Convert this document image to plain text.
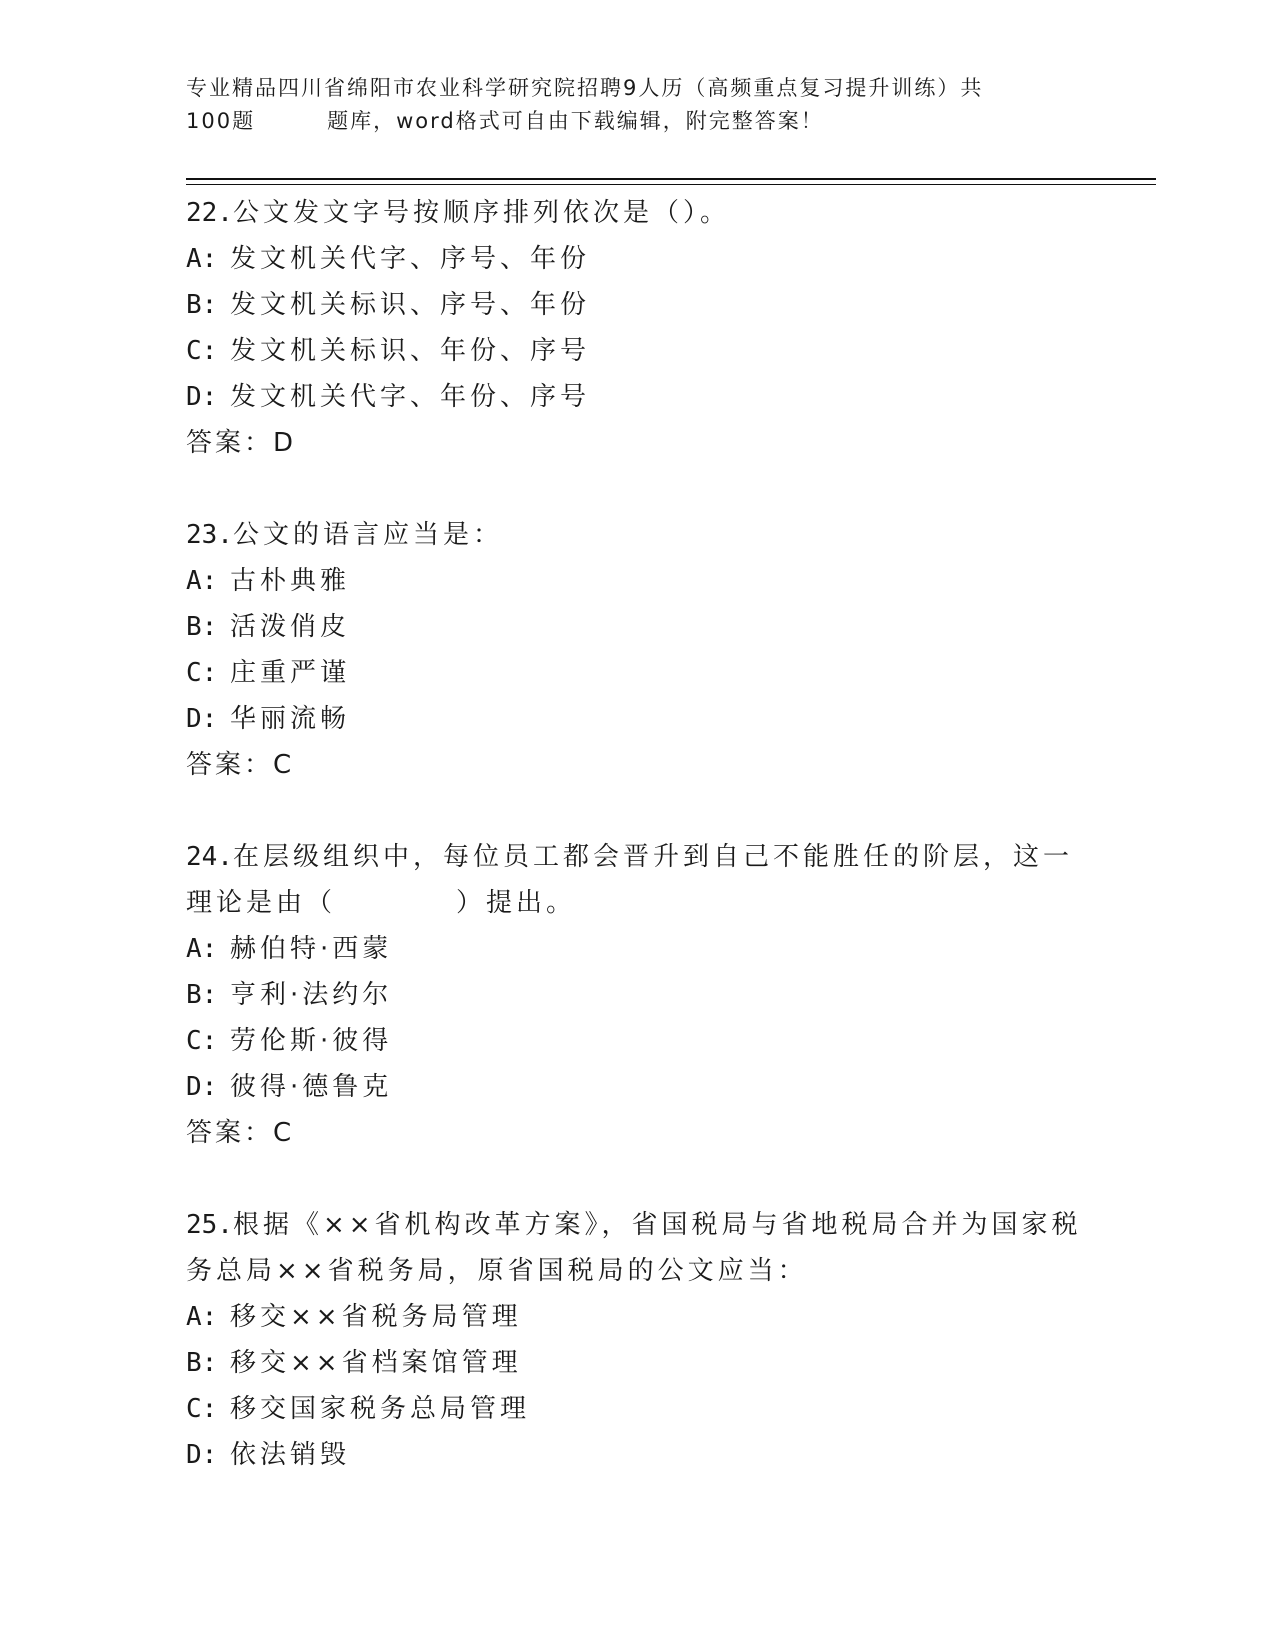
专业精品四川省绵阳市农业科学研究院招聘9人历（高频重点复习提升训练）共
100题	题库，word格式可自由下载编辑，附完整答案！
22.公文发文字号按顺序排列依次是（）。
A: 发文机关代字、序号、年份
B: 发文机关标识、序号、年份
C: 发文机关标识、年份、序号
D: 发文机关代字、年份、序号
答案：D
23.公文的语言应当是：
A: 古朴典雅
B: 活泼俏皮
C: 庄重严谨
D: 华丽流畅
答案：C
24.在层级组织中，每位员工都会晋升到自己不能胜任的阶层，这一理论是由（　　　　）提出。
A: 赫伯特·西蒙
B: 亨利·法约尔
C: 劳伦斯·彼得
D: 彼得·德鲁克
答案：C
25.根据《××省机构改革方案》，省国税局与省地税局合并为国家税务总局××省税务局，原省国税局的公文应当：
A: 移交××省税务局管理
B: 移交××省档案馆管理
C: 移交国家税务总局管理
D: 依法销毁
